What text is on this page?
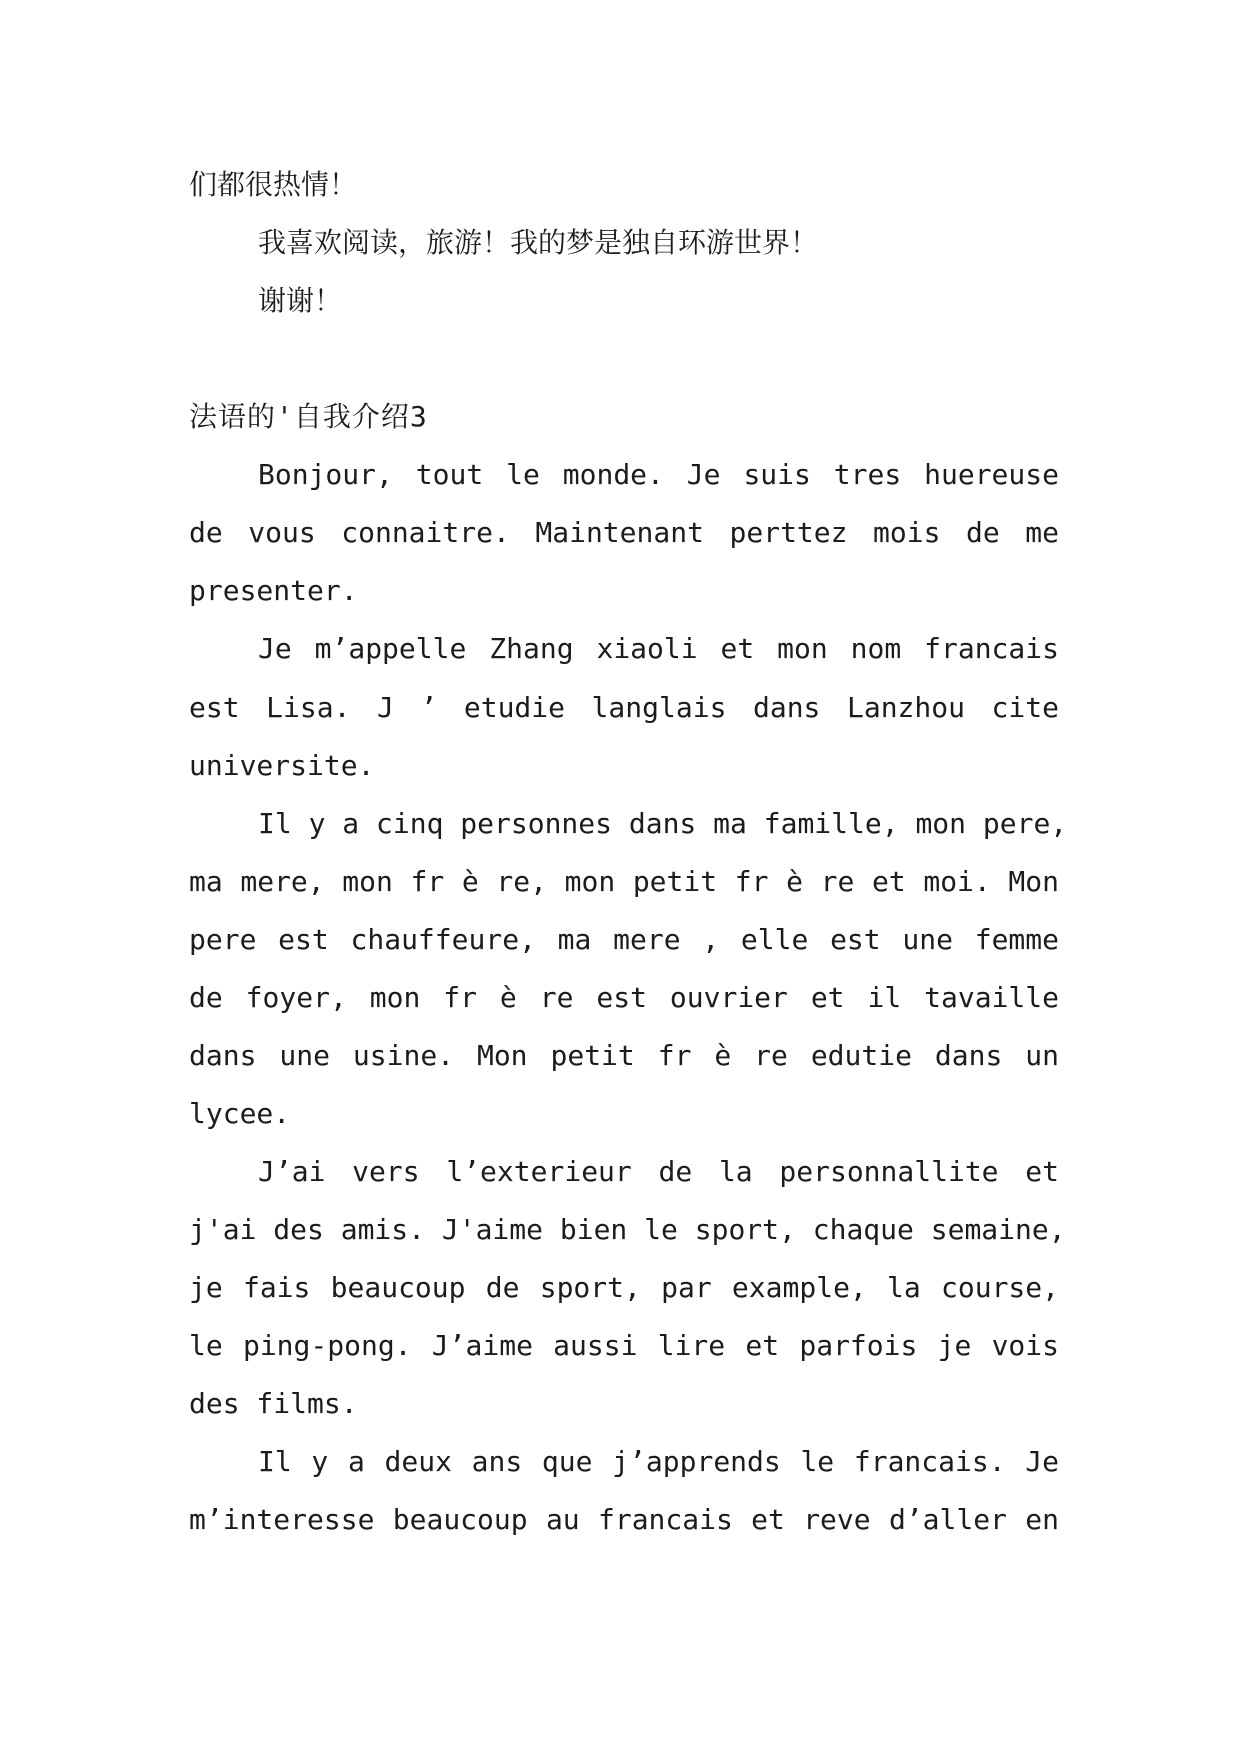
们都很热情！
我喜欢阅读，旅游！我的梦是独自环游世界！
谢谢！
法语的'自我介绍3
Bonjour, tout le monde. Je suis tres huereuse
de vous connaitre. Maintenant perttez mois de me
presenter.
Je m’appelle Zhang xiaoli et mon nom francais
est Lisa. J ’ etudie langlais dans Lanzhou cite
universite.
Il y a cinq personnes dans ma famille, mon pere,
ma mere, mon fr è re, mon petit fr è re et moi. Mon
pere est chauffeure, ma mere , elle est une femme
de foyer, mon fr è re est ouvrier et il tavaille
dans une usine. Mon petit fr è re edutie dans un
lycee.
J’ai vers l’exterieur de la personnallite et
j'ai des amis. J'aime bien le sport, chaque semaine,
je fais beaucoup de sport, par example, la course,
le ping-pong. J’aime aussi lire et parfois je vois
des films.
Il y a deux ans que j’apprends le francais. Je
m’interesse beaucoup au francais et reve d’aller en
